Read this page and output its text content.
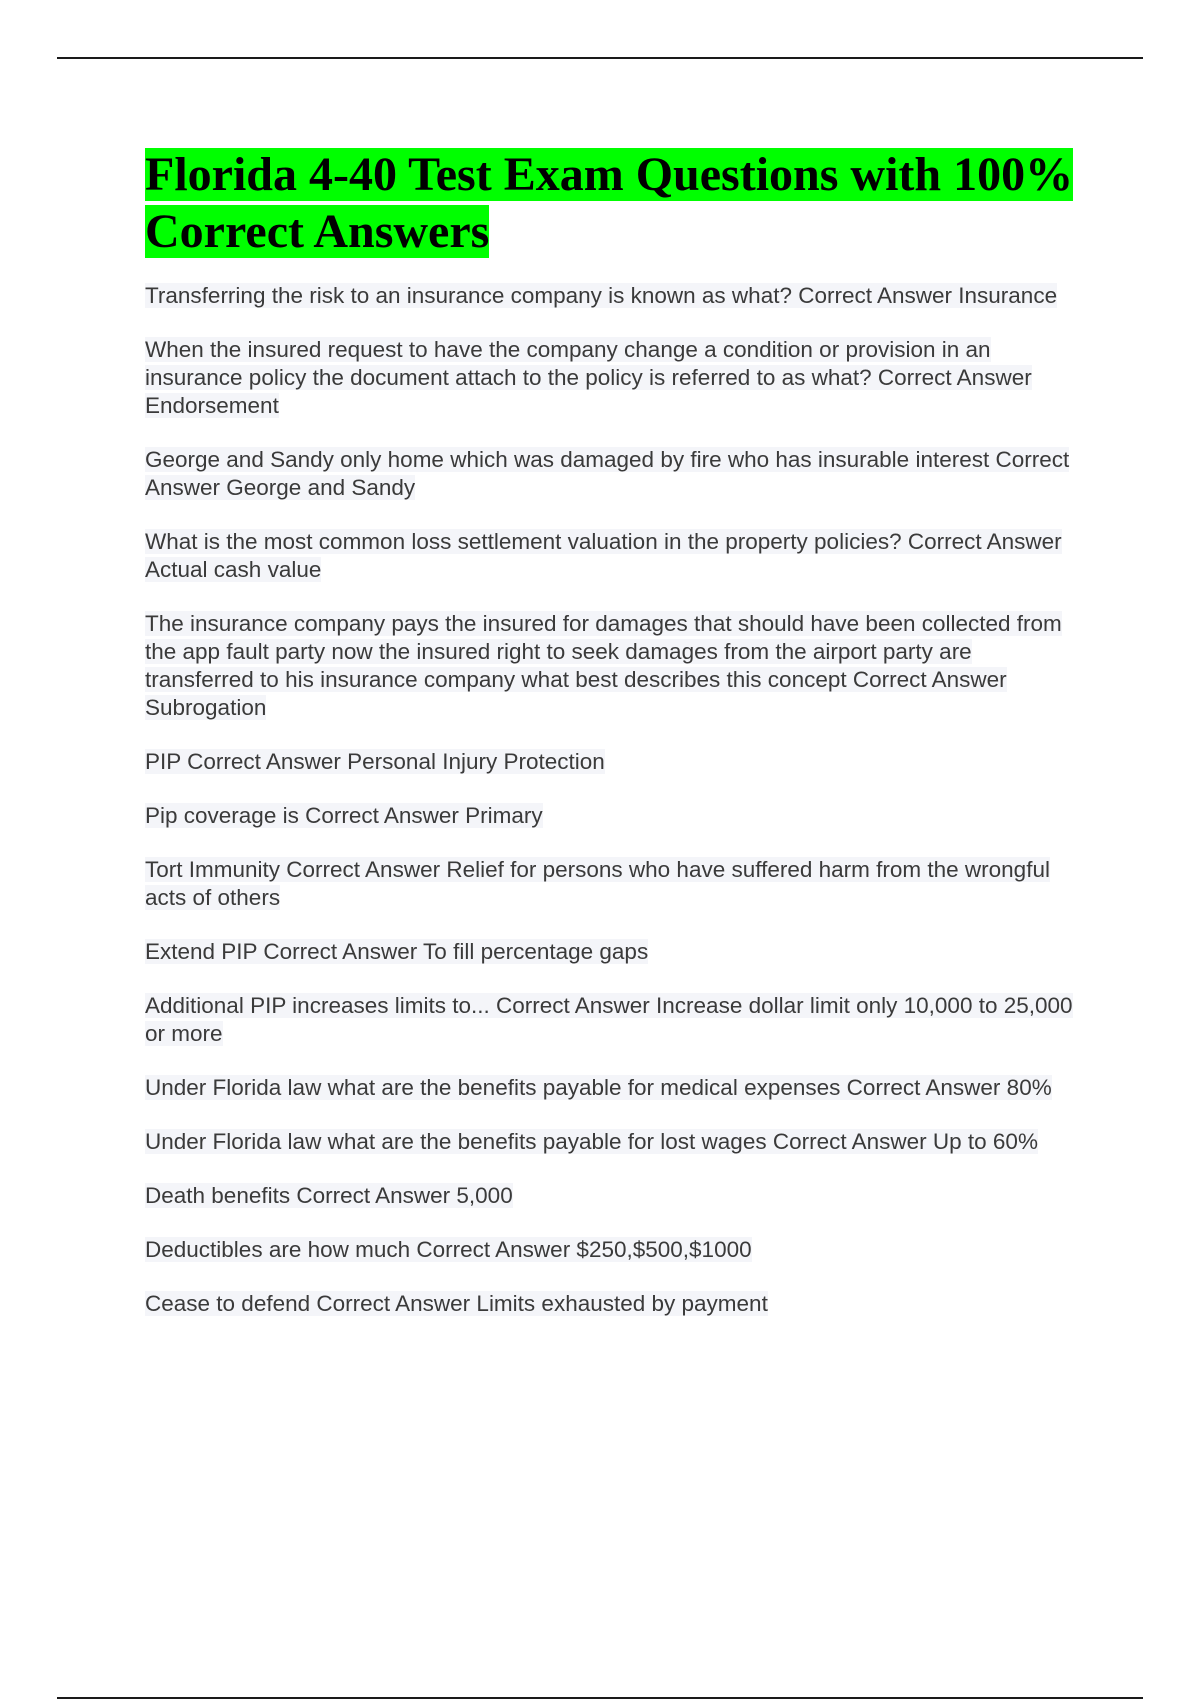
Florida 4-40 Test Exam Questions with 100% Correct Answers

Transferring the risk to an insurance company is known as what? Correct Answer Insurance

When the insured request to have the company change a condition or provision in an insurance policy the document attach to the policy is referred to as what? Correct Answer Endorsement

George and Sandy only home which was damaged by fire who has insurable interest Correct Answer George and Sandy

What is the most common loss settlement valuation in the property policies? Correct Answer Actual cash value

The insurance company pays the insured for damages that should have been collected from the app fault party now the insured right to seek damages from the airport party are transferred to his insurance company what best describes this concept Correct Answer Subrogation

PIP Correct Answer Personal Injury Protection

Pip coverage is Correct Answer Primary

Tort Immunity Correct Answer Relief for persons who have suffered harm from the wrongful acts of others

Extend PIP Correct Answer To fill percentage gaps

Additional PIP increases limits to... Correct Answer Increase dollar limit only 10,000 to 25,000 or more

Under Florida law what are the benefits payable for medical expenses Correct Answer 80%

Under Florida law what are the benefits payable for lost wages Correct Answer Up to 60%

Death benefits Correct Answer 5,000

Deductibles are how much Correct Answer $250,$500,$1000

Cease to defend Correct Answer Limits exhausted by payment
